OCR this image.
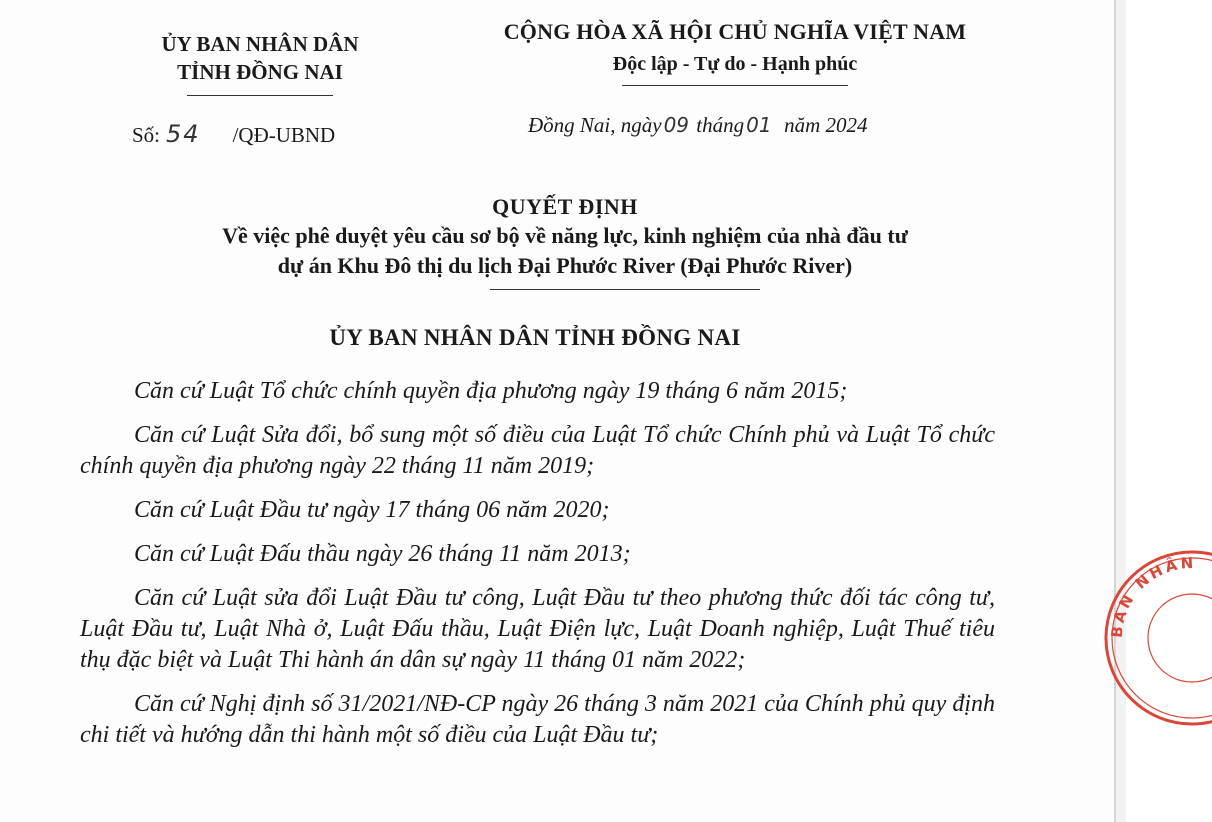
ỦY BAN NHÂN DÂN
TỈNH ĐỒNG NAI
CỘNG HÒA XÃ HỘI CHỦ NGHĨA VIỆT NAM
Độc lập - Tự do - Hạnh phúc
Số: 54 /QĐ-UBND	Đồng Nai, ngày 09 tháng 01 năm 2024
QUYẾT ĐỊNH
Về việc phê duyệt yêu cầu sơ bộ về năng lực, kinh nghiệm của nhà đầu tư
dự án Khu Đô thị du lịch Đại Phước River (Đại Phước River)
ỦY BAN NHÂN DÂN TỈNH ĐỒNG NAI

Căn cứ Luật Tổ chức chính quyền địa phương ngày 19 tháng 6 năm 2015;

Căn cứ Luật Sửa đổi, bổ sung một số điều của Luật Tổ chức Chính phủ và Luật Tổ chức chính quyền địa phương ngày 22 tháng 11 năm 2019;

Căn cứ Luật Đầu tư ngày 17 tháng 06 năm 2020;

Căn cứ Luật Đấu thầu ngày 26 tháng 11 năm 2013;

Căn cứ Luật sửa đổi Luật Đầu tư công, Luật Đầu tư theo phương thức đối tác công tư, Luật Đầu tư, Luật Nhà ở, Luật Đấu thầu, Luật Điện lực, Luật Doanh nghiệp, Luật Thuế tiêu thụ đặc biệt và Luật Thi hành án dân sự ngày 11 tháng 01 năm 2022;

Căn cứ Nghị định số 31/2021/NĐ-CP ngày 26 tháng 3 năm 2021 của Chính phủ quy định chi tiết và hướng dẫn thi hành một số điều của Luật Đầu tư;

BAN NHÂN
